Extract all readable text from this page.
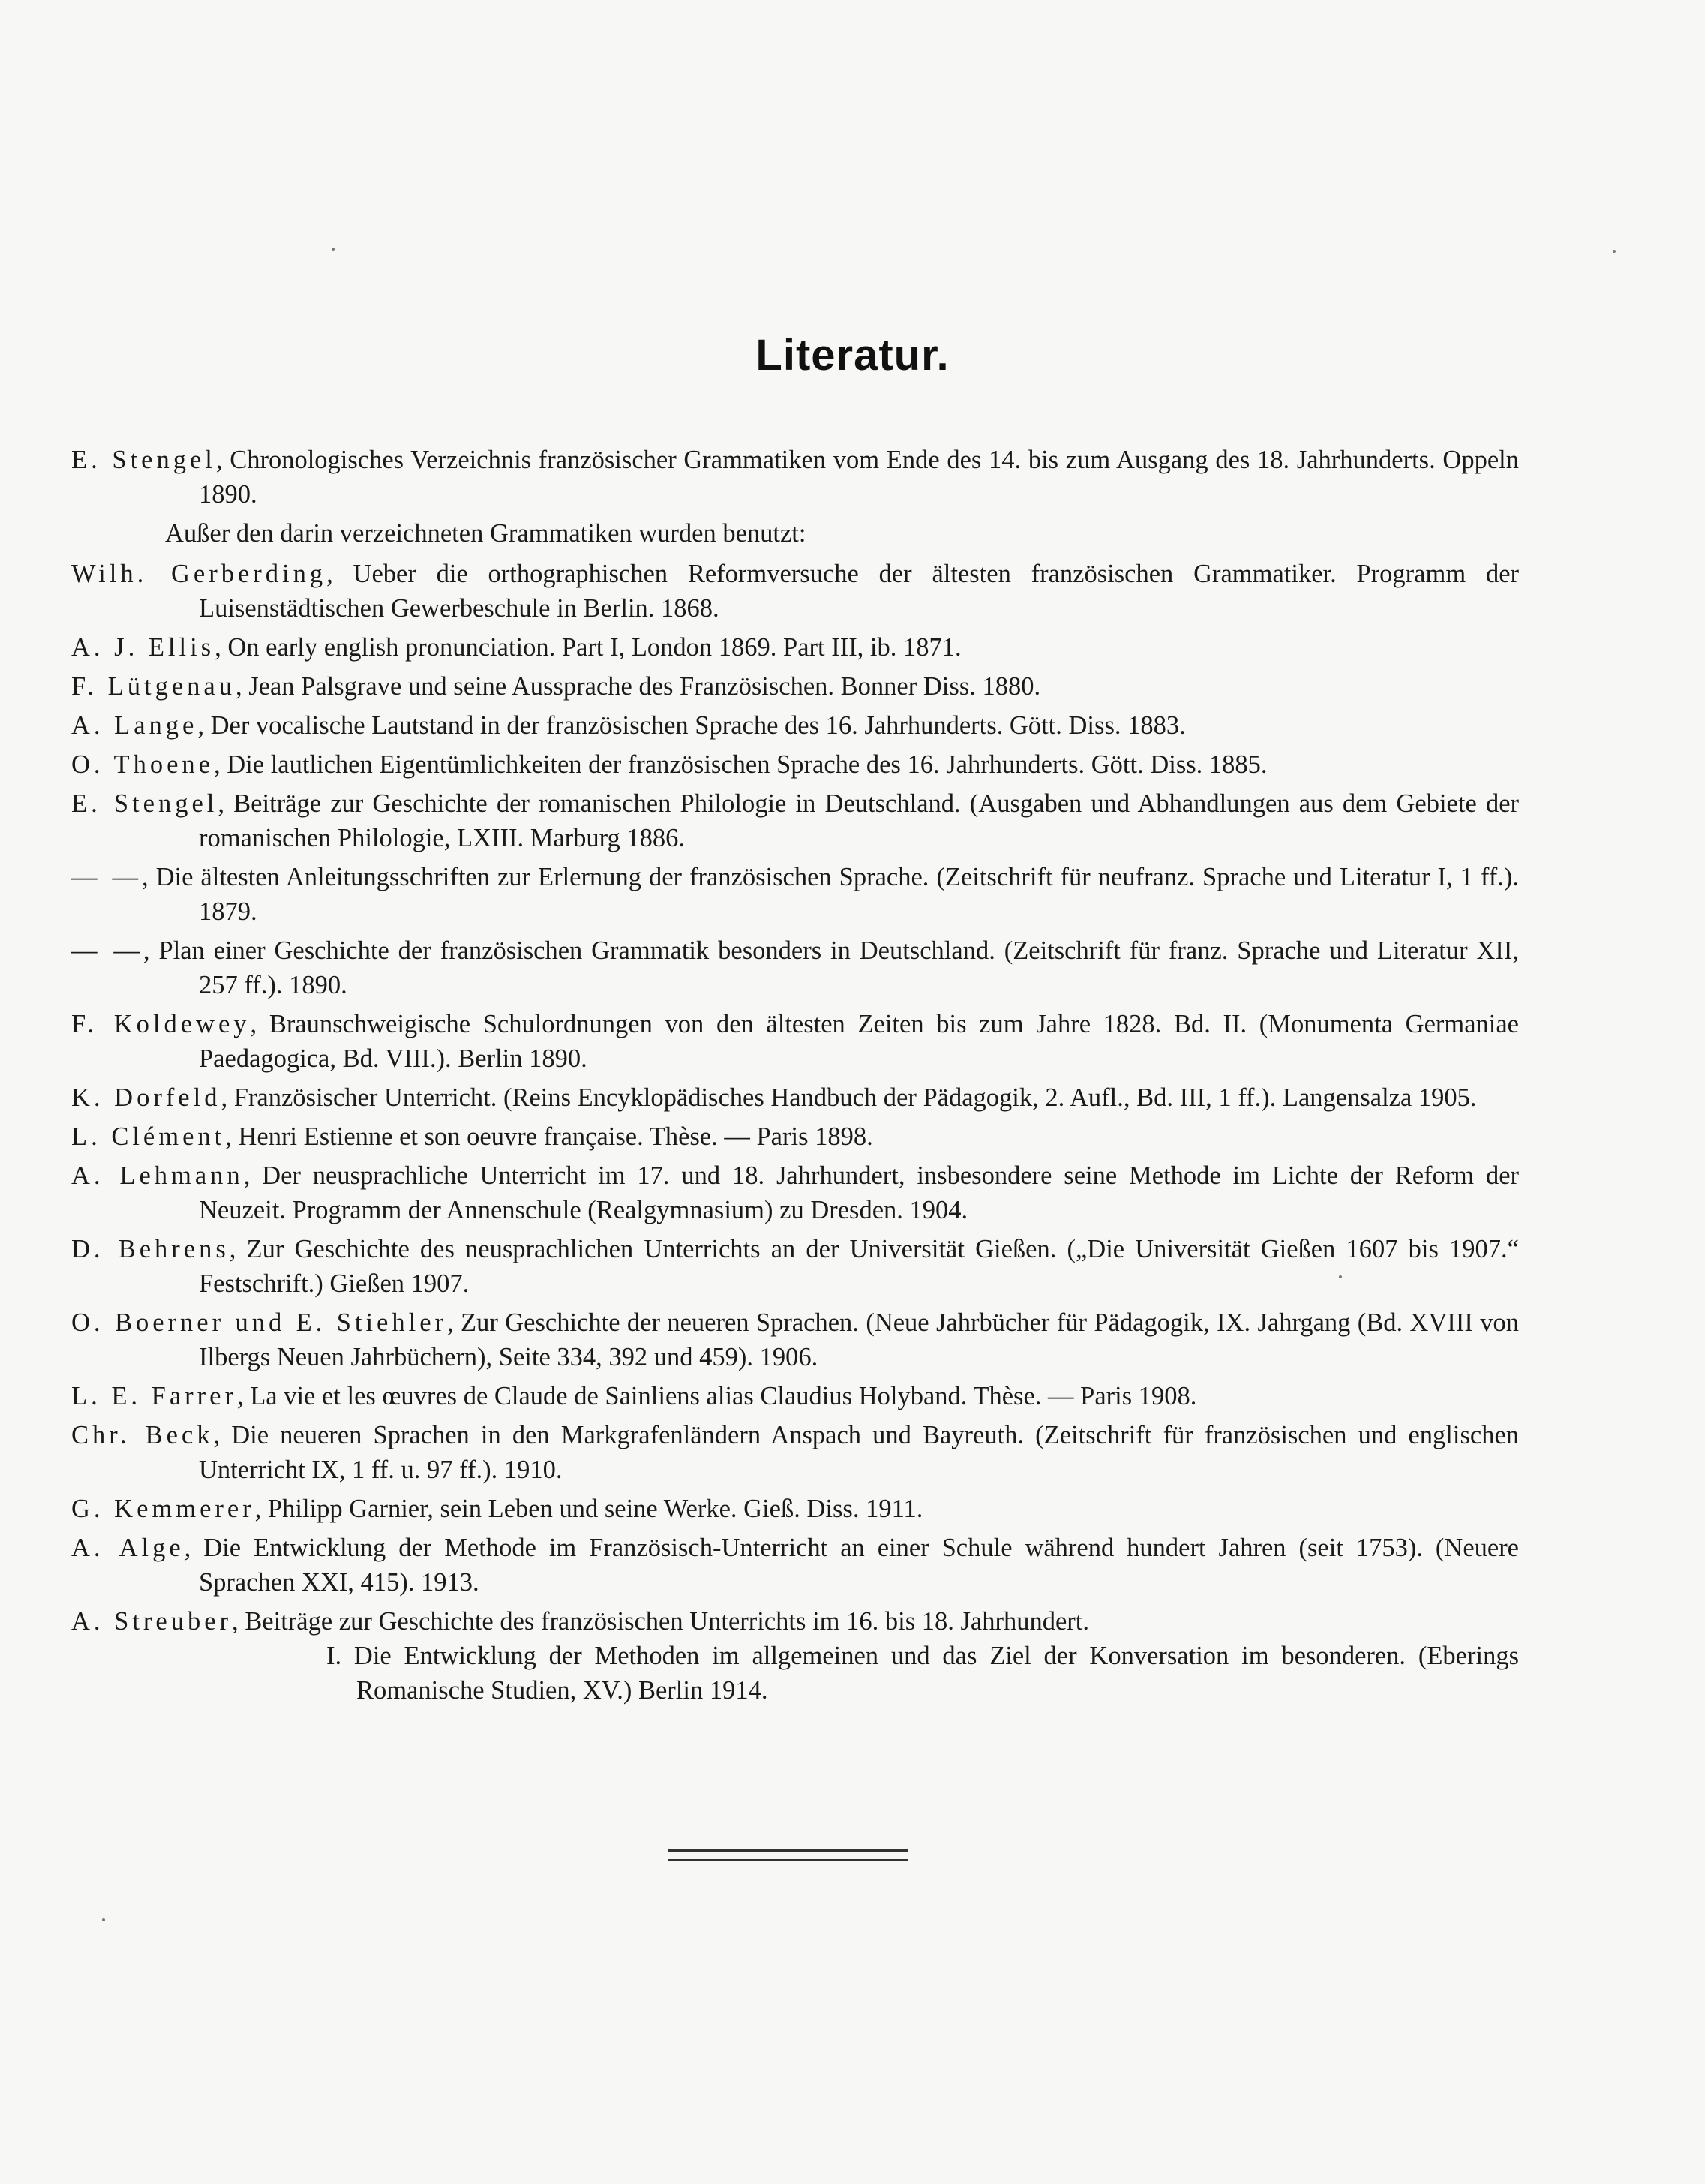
Literatur.
E. Stengel, Chronologisches Verzeichnis französischer Grammatiken vom Ende des 14. bis zum Ausgang des 18. Jahrhunderts. Oppeln 1890.
Außer den darin verzeichneten Grammatiken wurden benutzt:
Wilh. Gerberding, Ueber die orthographischen Reformversuche der ältesten französischen Grammatiker. Programm der Luisenstädtischen Gewerbeschule in Berlin. 1868.
A. J. Ellis, On early english pronunciation. Part I, London 1869. Part III, ib. 1871.
F. Lütgenau, Jean Palsgrave und seine Aussprache des Französischen. Bonner Diss. 1880.
A. Lange, Der vocalische Lautstand in der französischen Sprache des 16. Jahrhunderts. Gött. Diss. 1883.
O. Thoene, Die lautlichen Eigentümlichkeiten der französischen Sprache des 16. Jahrhunderts. Gött. Diss. 1885.
E. Stengel, Beiträge zur Geschichte der romanischen Philologie in Deutschland. (Ausgaben und Abhandlungen aus dem Gebiete der romanischen Philologie, LXIII. Marburg 1886.
— —, Die ältesten Anleitungsschriften zur Erlernung der französischen Sprache. (Zeitschrift für neufranz. Sprache und Literatur I, 1 ff.). 1879.
— —, Plan einer Geschichte der französischen Grammatik besonders in Deutschland. (Zeitschrift für franz. Sprache und Literatur XII, 257 ff.). 1890.
F. Koldewey, Braunschweigische Schulordnungen von den ältesten Zeiten bis zum Jahre 1828. Bd. II. (Monumenta Germaniae Paedagogica, Bd. VIII.). Berlin 1890.
K. Dorfeld, Französischer Unterricht. (Reins Encyklopädisches Handbuch der Pädagogik, 2. Aufl., Bd. III, 1 ff.). Langensalza 1905.
L. Clément, Henri Estienne et son oeuvre française. Thèse. — Paris 1898.
A. Lehmann, Der neusprachliche Unterricht im 17. und 18. Jahrhundert, insbesondere seine Methode im Lichte der Reform der Neuzeit. Programm der Annenschule (Realgymnasium) zu Dresden. 1904.
D. Behrens, Zur Geschichte des neusprachlichen Unterrichts an der Universität Gießen. („Die Universität Gießen 1607 bis 1907.“ Festschrift.) Gießen 1907.
O. Boerner und E. Stiehler, Zur Geschichte der neueren Sprachen. (Neue Jahrbücher für Pädagogik, IX. Jahrgang (Bd. XVIII von Ilbergs Neuen Jahrbüchern), Seite 334, 392 und 459). 1906.
L. E. Farrer, La vie et les œuvres de Claude de Sainliens alias Claudius Holyband. Thèse. — Paris 1908.
Chr. Beck, Die neueren Sprachen in den Markgrafenländern Anspach und Bayreuth. (Zeitschrift für französischen und englischen Unterricht IX, 1 ff. u. 97 ff.). 1910.
G. Kemmerer, Philipp Garnier, sein Leben und seine Werke. Gieß. Diss. 1911.
A. Alge, Die Entwicklung der Methode im Französisch-Unterricht an einer Schule während hundert Jahren (seit 1753). (Neuere Sprachen XXI, 415). 1913.
A. Streuber, Beiträge zur Geschichte des französischen Unterrichts im 16. bis 18. Jahrhundert.
I. Die Entwicklung der Methoden im allgemeinen und das Ziel der Konversation im besonderen. (Eberings Romanische Studien, XV.) Berlin 1914.
